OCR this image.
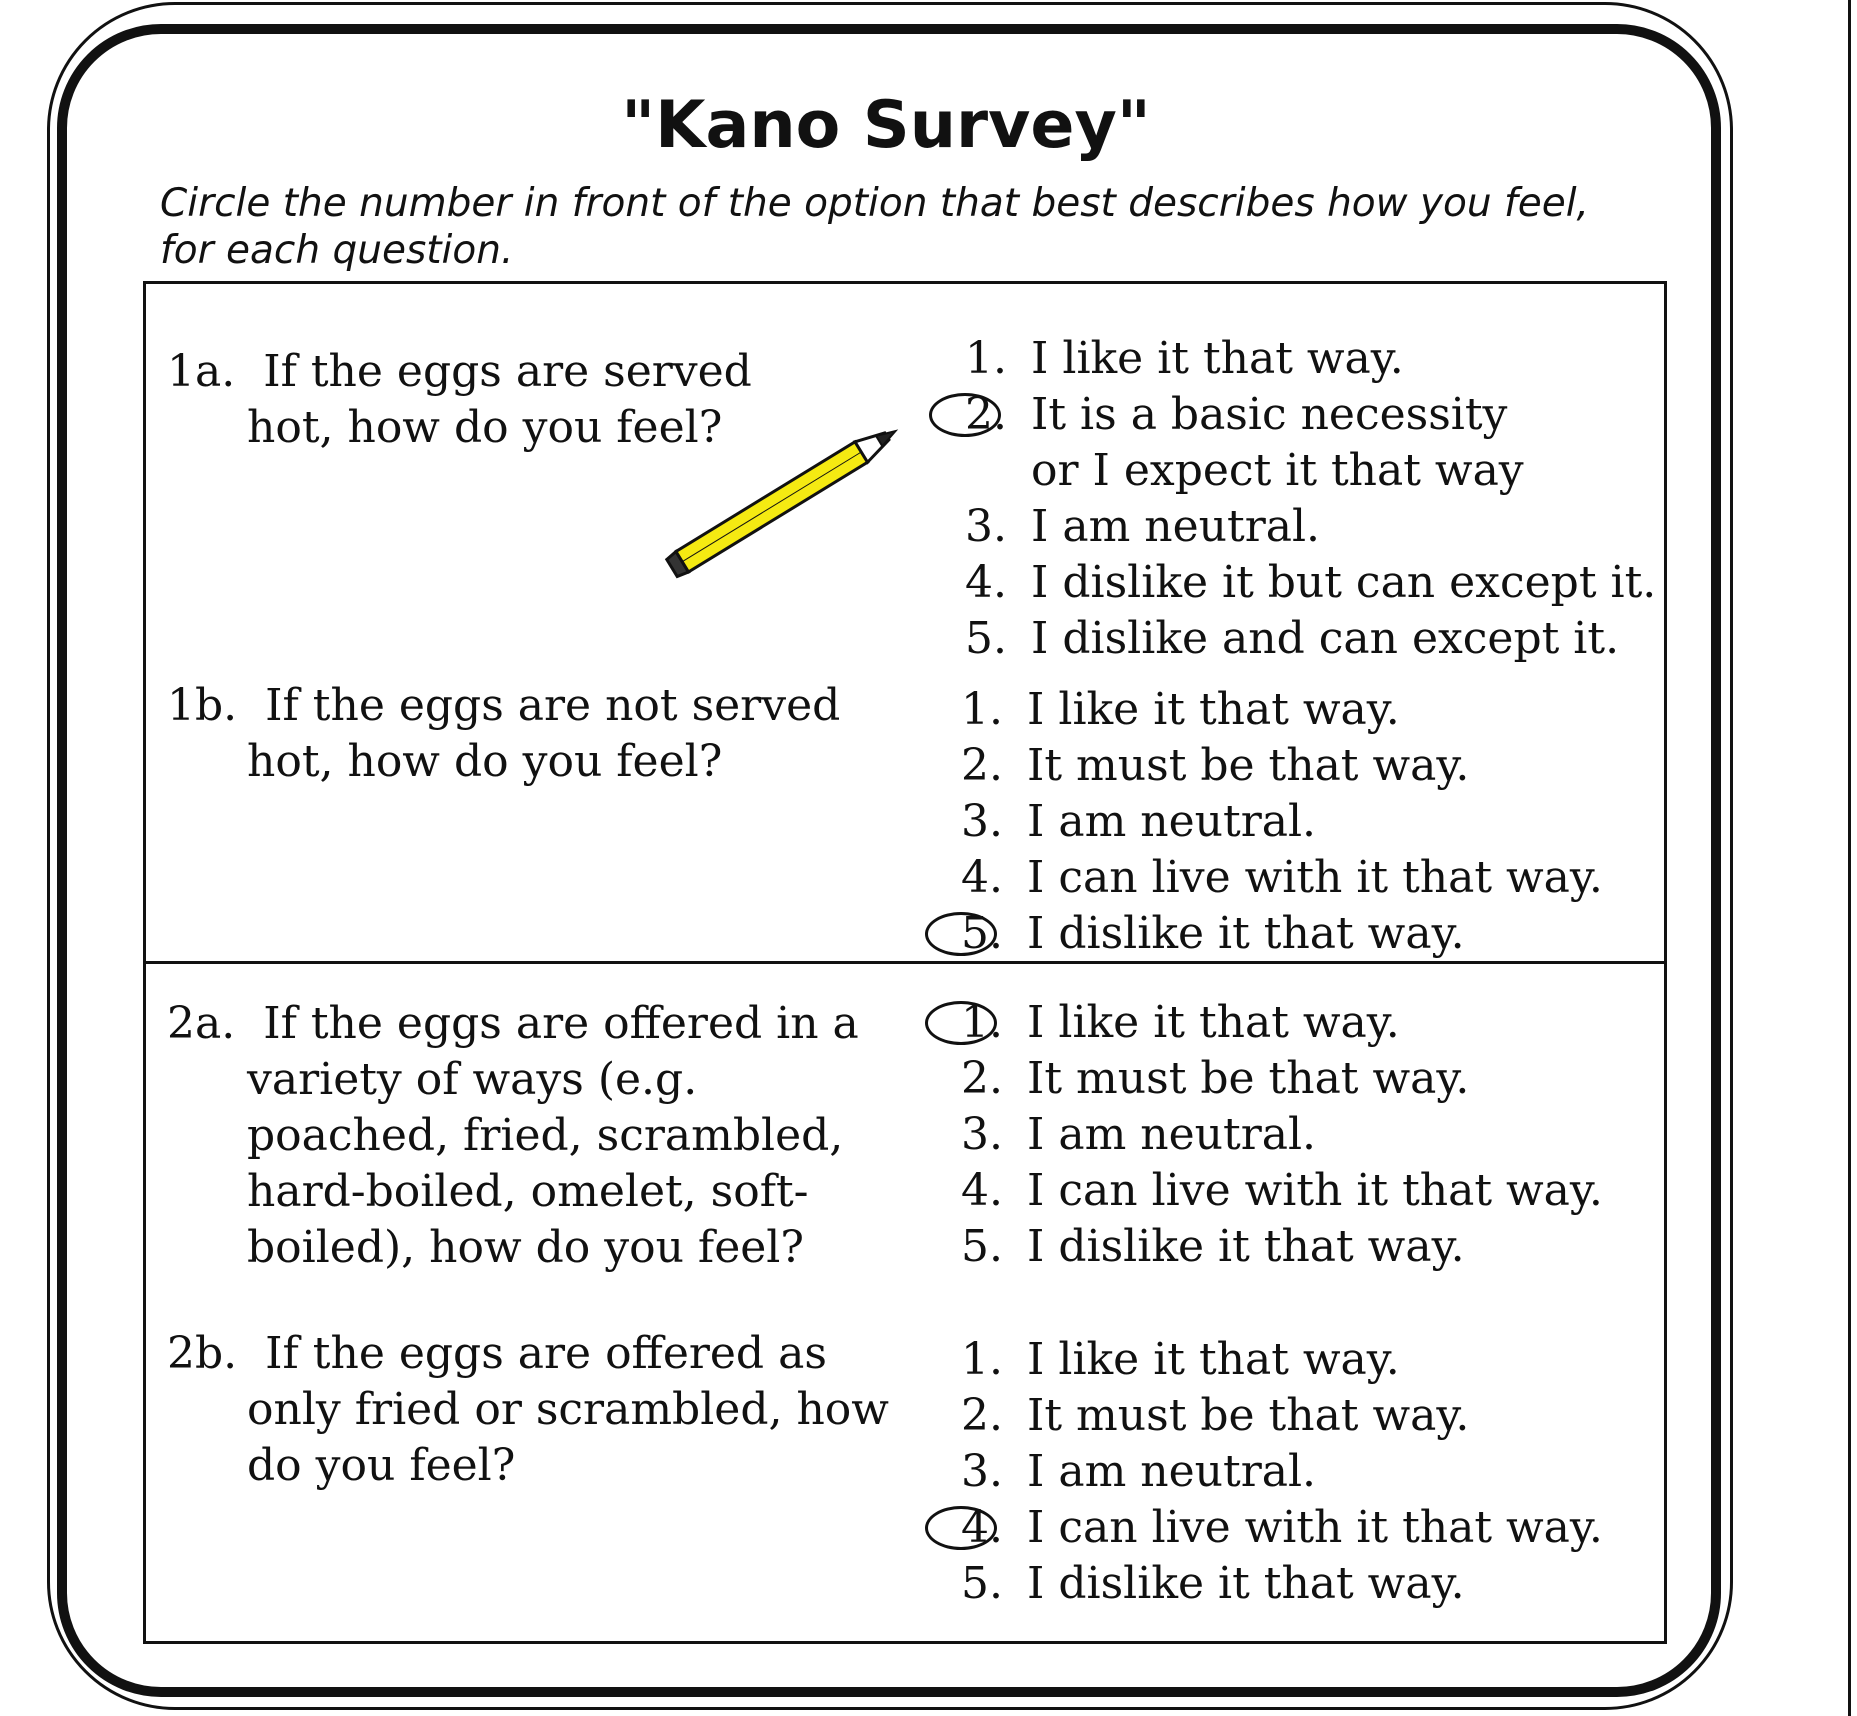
"Kano Survey"
Circle the number in front of the option that best describes how you feel,
for each question.
1a. If the eggs are served
hot, how do you feel?
1. I like it that way.
2. It is a basic necessity
or I expect it that way
3. I am neutral.
4. I dislike it but can except it.
5. I dislike and can except it.
1b. If the eggs are not served
hot, how do you feel?
1. I like it that way.
2. It must be that way.
3. I am neutral.
4. I can live with it that way.
5. I dislike it that way.
2a. If the eggs are offered in a
variety of ways (e.g.
poached, fried, scrambled,
hard-boiled, omelet, soft-
boiled), how do you feel?
1. I like it that way.
2. It must be that way.
3. I am neutral.
4. I can live with it that way.
5. I dislike it that way.
2b. If the eggs are offered as
only fried or scrambled, how
do you feel?
1. I like it that way.
2. It must be that way.
3. I am neutral.
4. I can live with it that way.
5. I dislike it that way.
